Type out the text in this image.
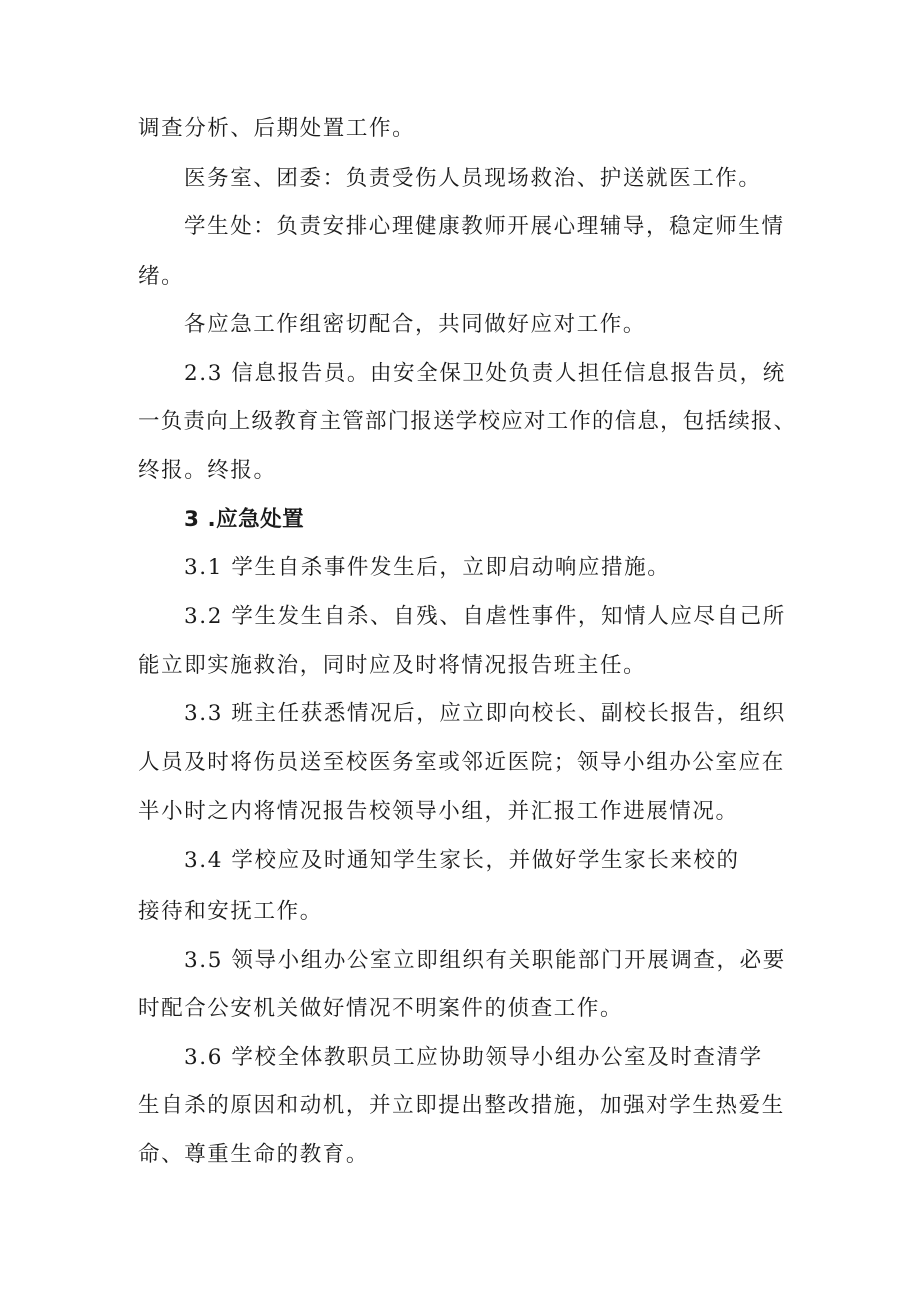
调查分析、后期处置工作。
医务室、团委：负责受伤人员现场救治、护送就医工作。
学生处：负责安排心理健康教师开展心理辅导，稳定师生情
绪。
各应急工作组密切配合，共同做好应对工作。
2.3 信息报告员。由安全保卫处负责人担任信息报告员，统
一负责向上级教育主管部门报送学校应对工作的信息，包括续报、
终报。终报。
3 .应急处置
3.1 学生自杀事件发生后，立即启动响应措施。
3.2 学生发生自杀、自残、自虐性事件，知情人应尽自己所
能立即实施救治，同时应及时将情况报告班主任。
3.3 班主任获悉情况后，应立即向校长、副校长报告，组织
人员及时将伤员送至校医务室或邻近医院；领导小组办公室应在
半小时之内将情况报告校领导小组，并汇报工作进展情况。
3.4 学校应及时通知学生家长，并做好学生家长来校的
接待和安抚工作。
3.5 领导小组办公室立即组织有关职能部门开展调查，必要
时配合公安机关做好情况不明案件的侦查工作。
3.6 学校全体教职员工应协助领导小组办公室及时查清学
生自杀的原因和动机，并立即提出整改措施，加强对学生热爱生
命、尊重生命的教育。
